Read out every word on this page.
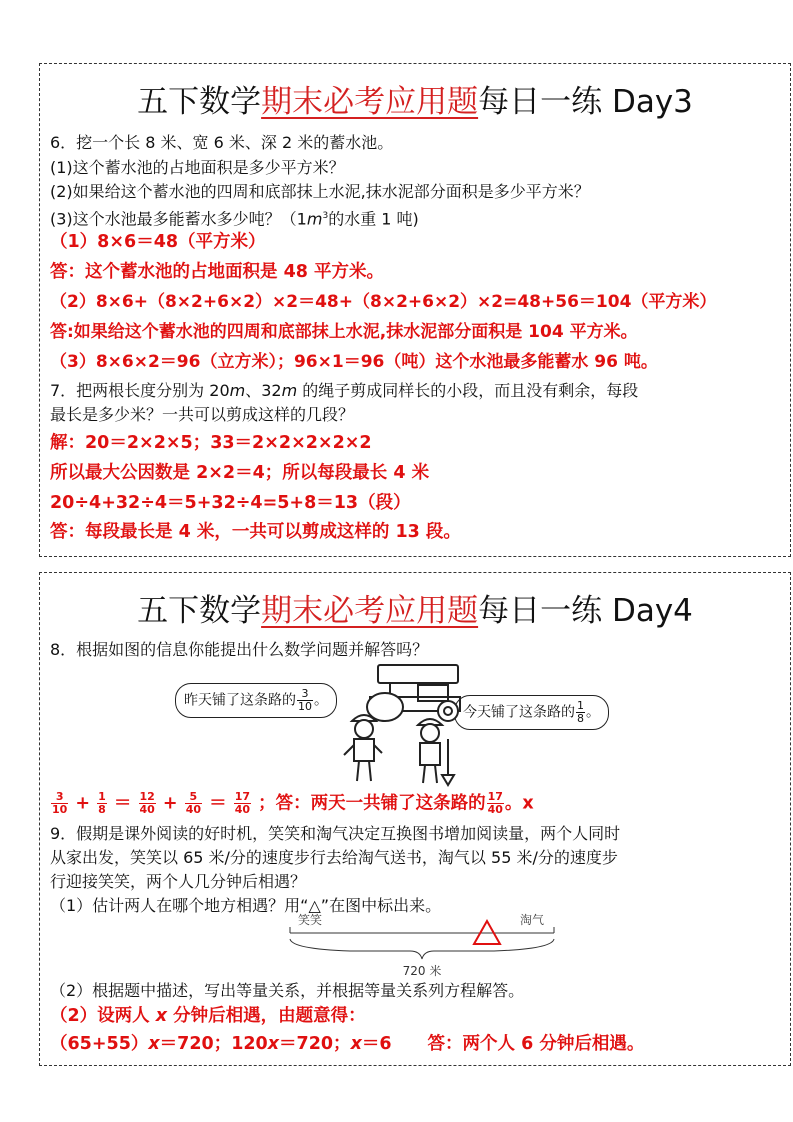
五下数学期末必考应用题每日一练 Day3
6．挖一个长 8 米、宽 6 米、深 2 米的蓄水池。
(1)这个蓄水池的占地面积是多少平方米？
(2)如果给这个蓄水池的四周和底部抹上水泥,抹水泥部分面积是多少平方米？
(3)这个水池最多能蓄水多少吨？（$1m^3$的水重 1 吨)
（1）8×6＝48（平方米）
答：这个蓄水池的占地面积是 48 平方米。
（2）8×6+（8×2+6×2）×2＝48+（8×2+6×2）×2=48+56＝104（平方米）
答:如果给这个蓄水池的四周和底部抹上水泥,抹水泥部分面积是 104 平方米。
（3）8×6×2＝96（立方米）；96×1＝96（吨）这个水池最多能蓄水 96 吨。
7．把两根长度分别为 20m、32m 的绳子剪成同样长的小段，而且没有剩余，每段
最长是多少米？一共可以剪成这样的几段？
解：20＝2×2×5；33＝2×2×2×2×2
所以最大公因数是 2×2＝4；所以每段最长 4 米
20÷4+32÷4＝5+32÷4=5+8＝13（段）
答：每段最长是 4 米，一共可以剪成这样的 13 段。
五下数学期末必考应用题每日一练 Day4
8．根据如图的信息你能提出什么数学问题并解答吗？
昨天铺了这条路的 $\frac{3}{10}$ 。
今天铺了这条路的 $\frac{1}{8}$ 。
$\frac{3}{10} + \frac{1}{8} = \frac{12}{40} + \frac{5}{40} = \frac{17}{40}$ ；答：两天一共铺了这条路的 $\frac{17}{40}$ 。x
9．假期是课外阅读的好时机，笑笑和淘气决定互换图书增加阅读量，两个人同时
从家出发，笑笑以 65 米/分的速度步行去给淘气送书，淘气以 55 米/分的速度步
行迎接笑笑，两个人几分钟后相遇？
（1）估计两人在哪个地方相遇？用“△”在图中标出来。
笑笑	淘气
720 米
（2）根据题中描述，写出等量关系，并根据等量关系列方程解答。
（2）设两人 x 分钟后相遇，由题意得：
（65+55）x＝720；120x＝720；x＝6 答：两个人 6 分钟后相遇。
